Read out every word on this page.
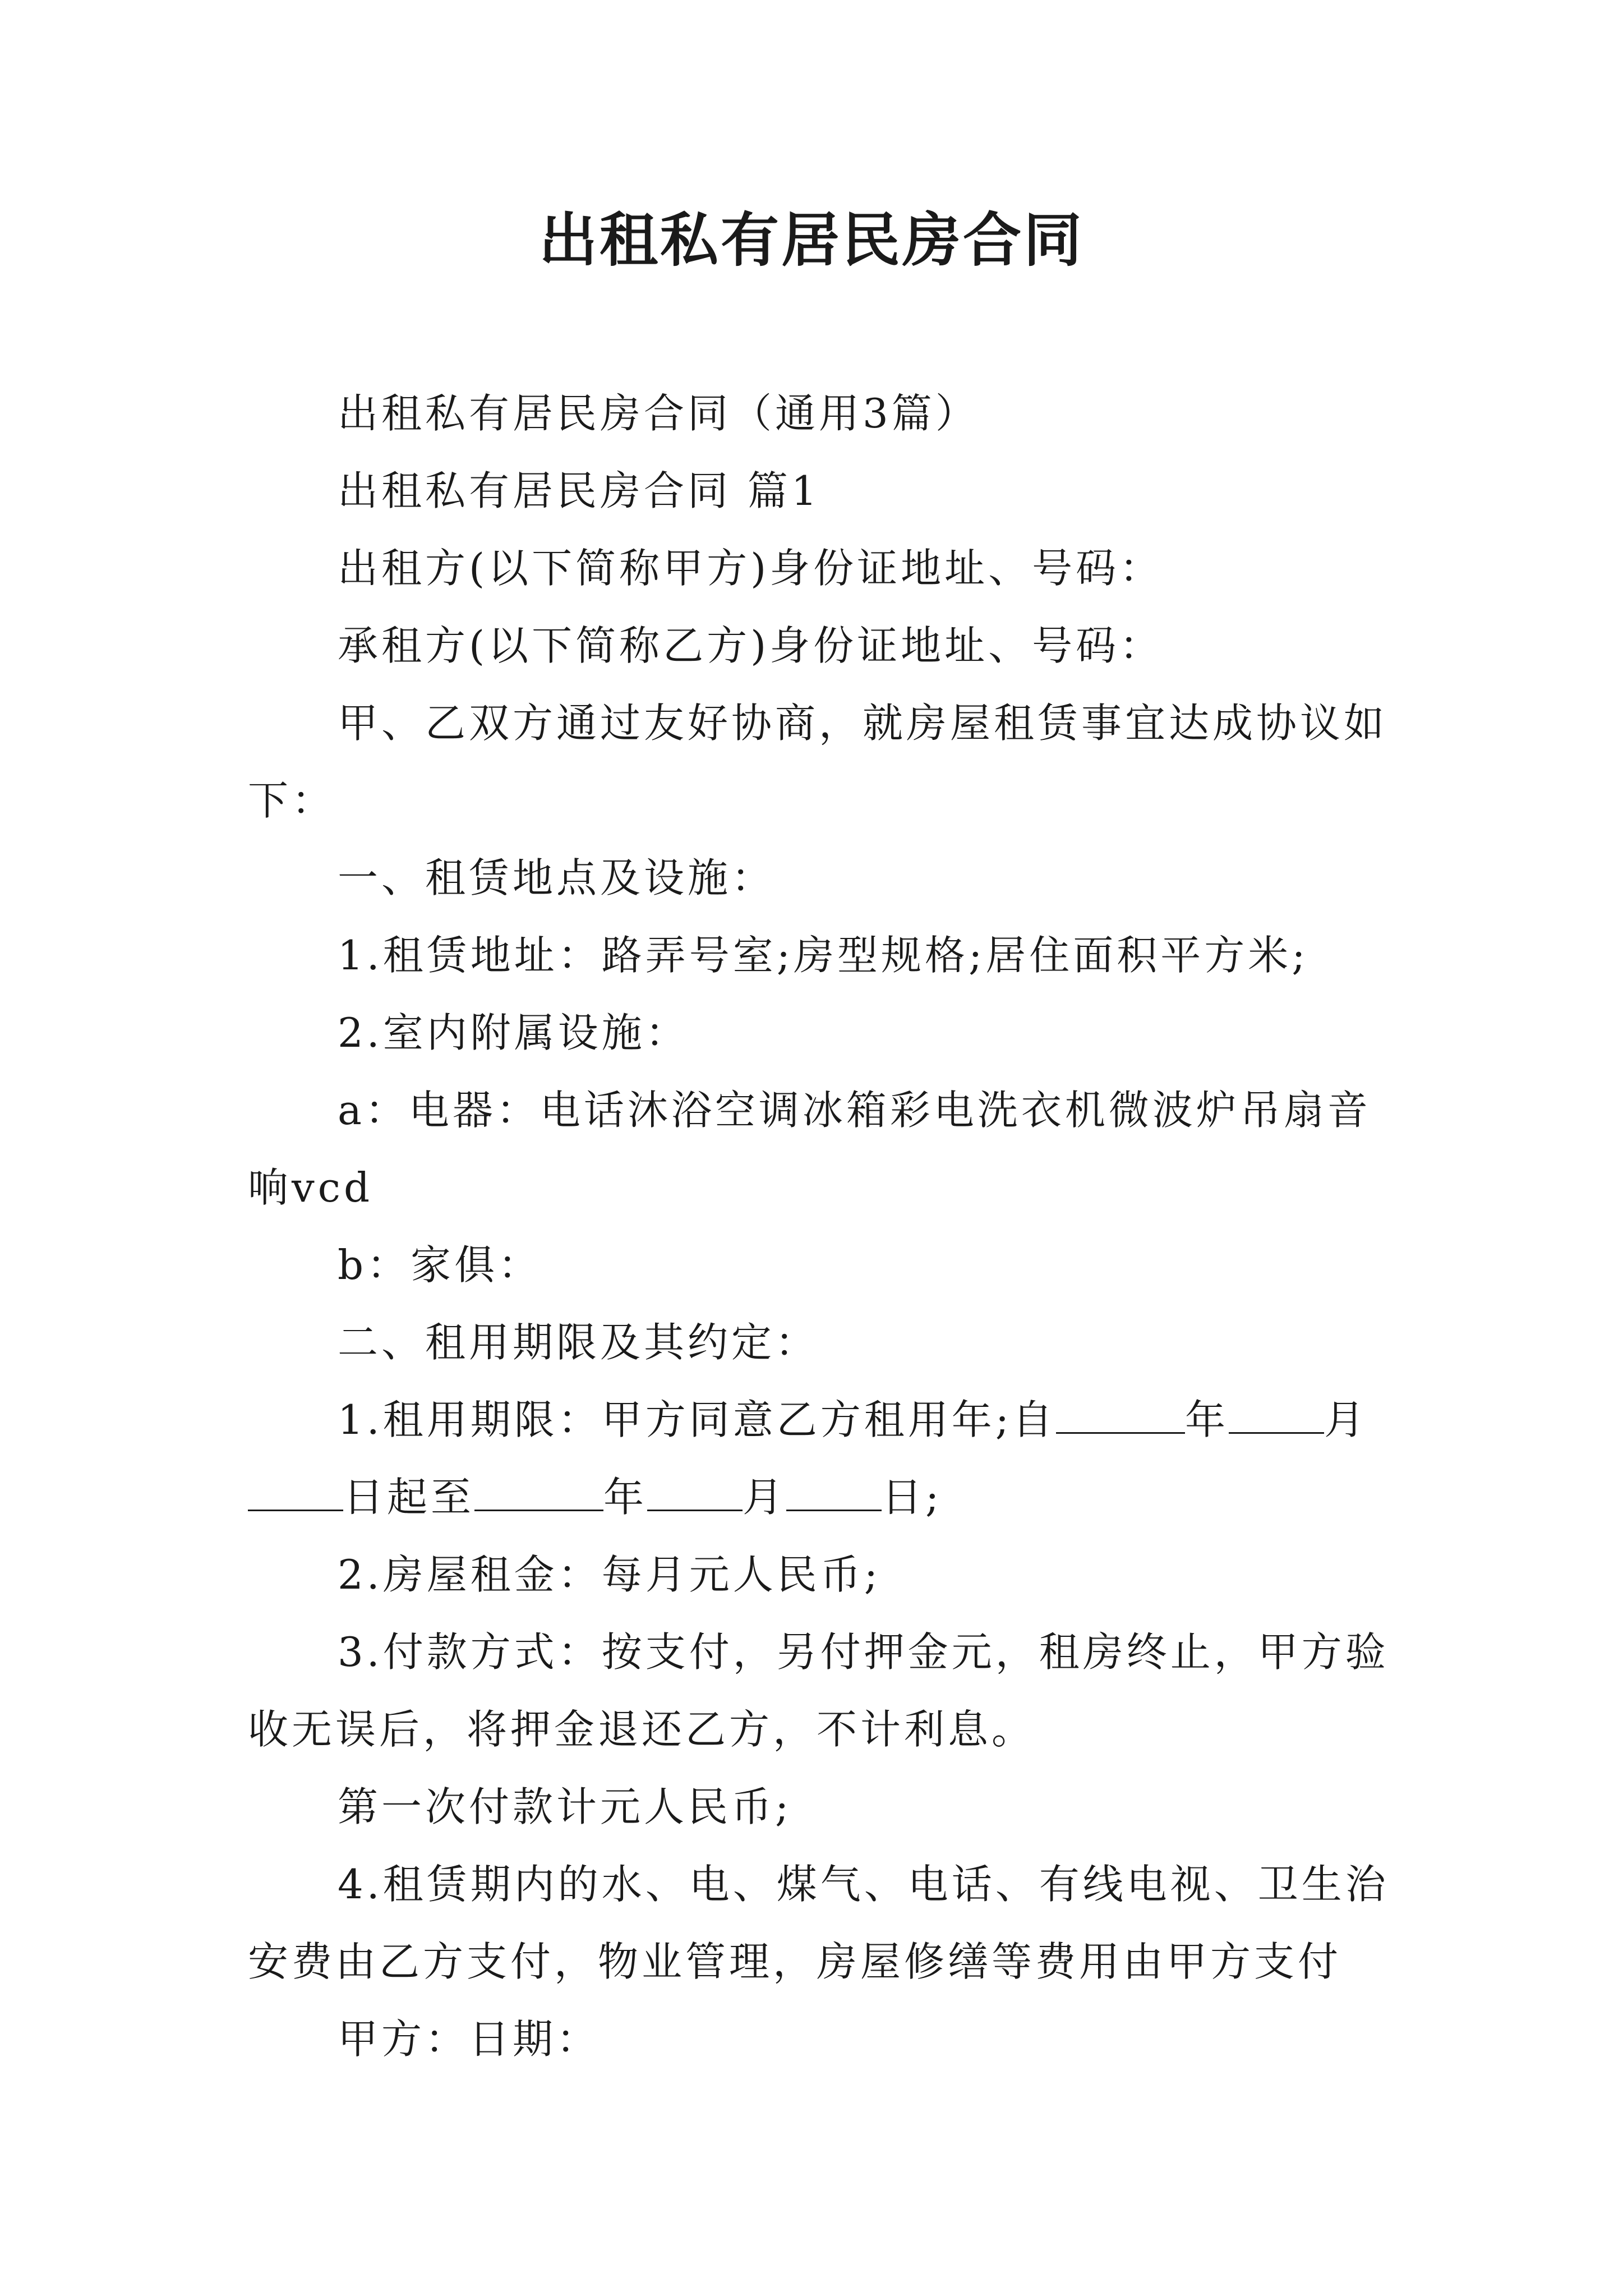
出租私有居民房合同

出租私有居民房合同（通用3篇）

出租私有居民房合同 篇1

出租方(以下简称甲方)身份证地址、号码：

承租方(以下简称乙方)身份证地址、号码：

甲、乙双方通过友好协商，就房屋租赁事宜达成协议如下：

一、租赁地点及设施：

1.租赁地址：路弄号室;房型规格;居住面积平方米;

2.室内附属设施：

a：电器：电话沐浴空调冰箱彩电洗衣机微波炉吊扇音响vcd

b：家俱：

二、租用期限及其约定：

1.租用期限：甲方同意乙方租用年;自	年 月日起至	年 月 日;

2.房屋租金：每月元人民币;

3.付款方式：按支付，另付押金元，租房终止，甲方验收无误后，将押金退还乙方，不计利息。

第一次付款计元人民币;

4.租赁期内的水、电、煤气、电话、有线电视、卫生治安费由乙方支付，物业管理，房屋修缮等费用由甲方支付

甲方：日期：
